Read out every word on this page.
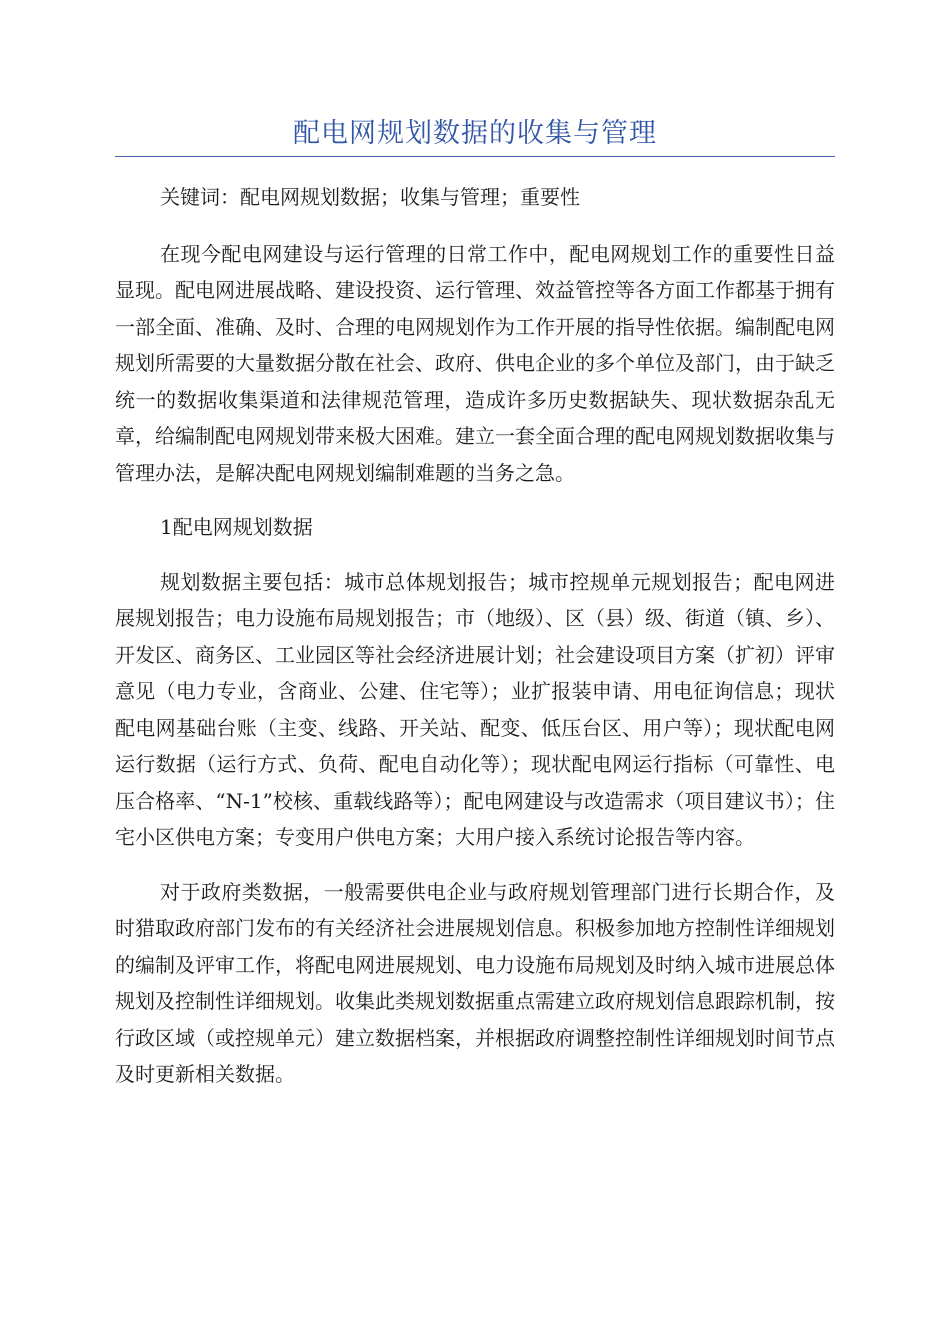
配电网规划数据的收集与管理

关键词：配电网规划数据；收集与管理；重要性

在现今配电网建设与运行管理的日常工作中，配电网规划工作的重要性日益显现。配电网进展战略、建设投资、运行管理、效益管控等各方面工作都基于拥有一部全面、准确、及时、合理的电网规划作为工作开展的指导性依据。编制配电网规划所需要的大量数据分散在社会、政府、供电企业的多个单位及部门，由于缺乏统一的数据收集渠道和法律规范管理，造成许多历史数据缺失、现状数据杂乱无章，给编制配电网规划带来极大困难。建立一套全面合理的配电网规划数据收集与管理办法，是解决配电网规划编制难题的当务之急。

1配电网规划数据

规划数据主要包括：城市总体规划报告；城市控规单元规划报告；配电网进展规划报告；电力设施布局规划报告；市（地级）、区（县）级、街道（镇、乡）、开发区、商务区、工业园区等社会经济进展计划；社会建设项目方案（扩初）评审意见（电力专业，含商业、公建、住宅等）；业扩报装申请、用电征询信息；现状配电网基础台账（主变、线路、开关站、配变、低压台区、用户等）；现状配电网运行数据（运行方式、负荷、配电自动化等）；现状配电网运行指标（可靠性、电压合格率、“N-1”校核、重载线路等）；配电网建设与改造需求（项目建议书）；住宅小区供电方案；专变用户供电方案；大用户接入系统讨论报告等内容。

对于政府类数据，一般需要供电企业与政府规划管理部门进行长期合作，及时猎取政府部门发布的有关经济社会进展规划信息。积极参加地方控制性详细规划的编制及评审工作，将配电网进展规划、电力设施布局规划及时纳入城市进展总体规划及控制性详细规划。收集此类规划数据重点需建立政府规划信息跟踪机制，按行政区域（或控规单元）建立数据档案，并根据政府调整控制性详细规划时间节点及时更新相关数据。
